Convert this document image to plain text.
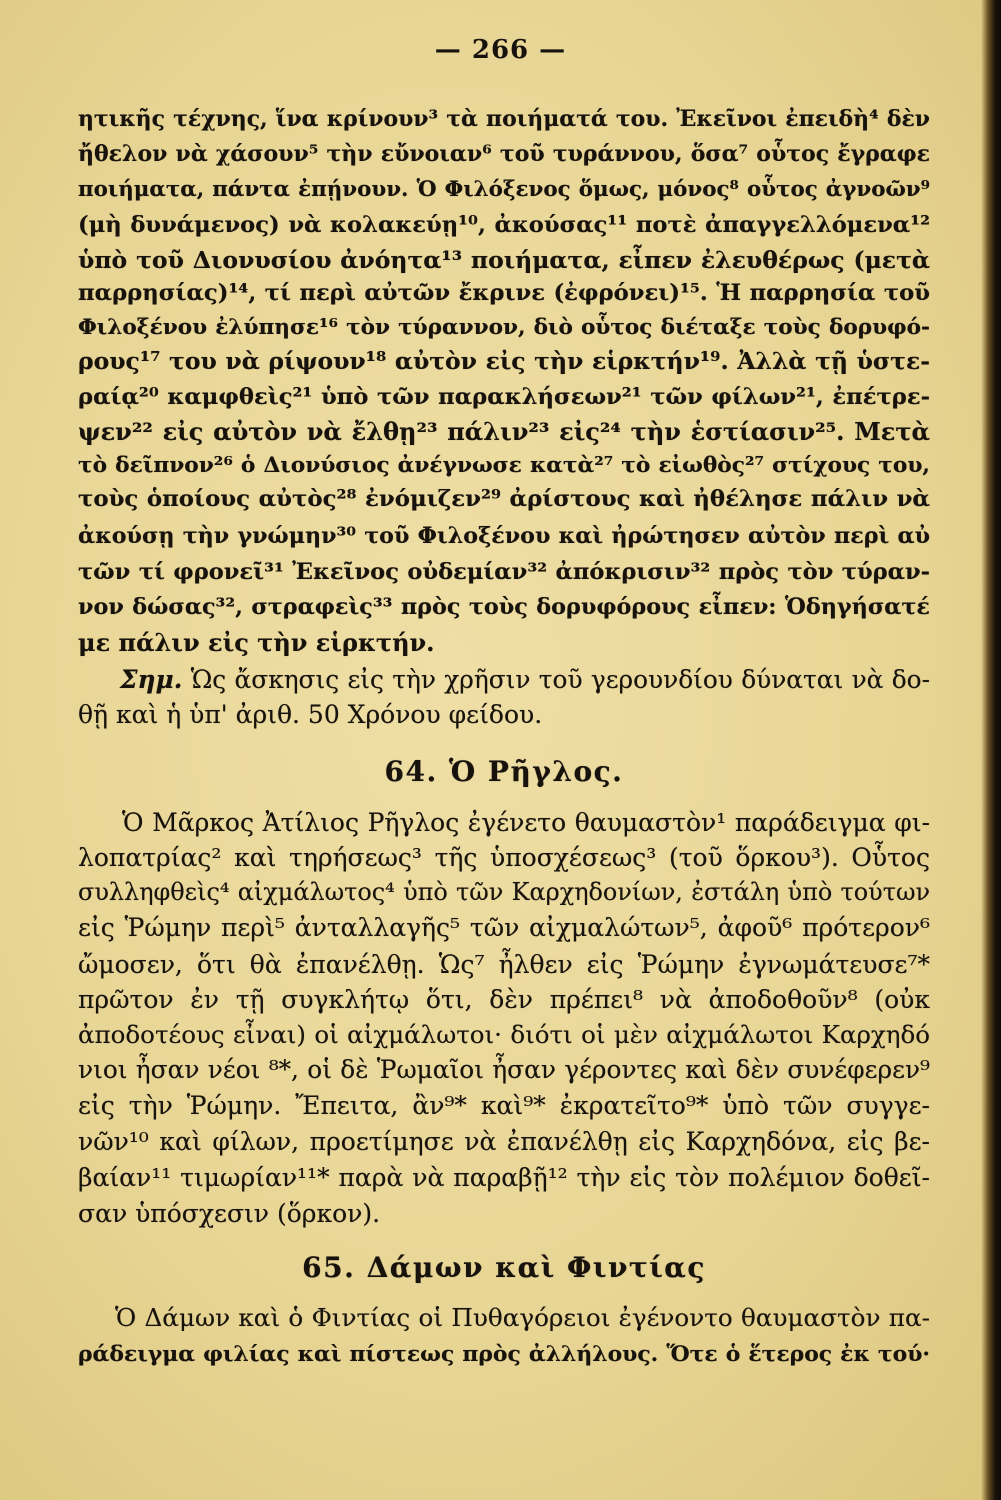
— 266 —
ητικῆς τέχνης, ἵνα κρίνουν³ τὰ ποιήματά του. Ἐκεῖνοι ἐπειδὴ⁴ δὲν
ἤθελον νὰ χάσουν⁵ τὴν εὔνοιαν⁶ τοῦ τυράννου, ὅσα⁷ οὗτος ἔγραφε
ποιήματα, πάντα ἐπῄνουν. Ὁ Φιλόξενος ὅμως, μόνος⁸ οὗτος ἀγνοῶν⁹
(μὴ δυνάμενος) νὰ κολακεύῃ¹⁰, ἀκούσας¹¹ ποτὲ ἀπαγγελλόμενα¹²
ὑπὸ τοῦ Διονυσίου ἀνόητα¹³ ποιήματα, εἶπεν ἐλευθέρως (μετὰ
παρρησίας)¹⁴, τί περὶ αὐτῶν ἔκρινε (ἐφρόνει)¹⁵. Ἡ παρρησία τοῦ
Φιλοξένου ἐλύπησε¹⁶ τὸν τύραννον, διὸ οὗτος διέταξε τοὺς δορυφό-
ρους¹⁷ του νὰ ρίψουν¹⁸ αὐτὸν εἰς τὴν εἱρκτήν¹⁹. Ἀλλὰ τῇ ὑστε-
ραίᾳ²⁰ καμφθεὶς²¹ ὑπὸ τῶν παρακλήσεων²¹ τῶν φίλων²¹, ἐπέτρε-
ψεν²² εἰς αὐτὸν νὰ ἔλθῃ²³ πάλιν²³ εἰς²⁴ τὴν ἑστίασιν²⁵. Μετὰ
τὸ δεῖπνον²⁶ ὁ Διονύσιος ἀνέγνωσε κατὰ²⁷ τὸ εἰωθὸς²⁷ στίχους του,
τοὺς ὁποίους αὐτὸς²⁸ ἐνόμιζεν²⁹ ἀρίστους καὶ ἠθέλησε πάλιν νὰ
ἀκούσῃ τὴν γνώμην³⁰ τοῦ Φιλοξένου καὶ ἠρώτησεν αὐτὸν περὶ αὐ
τῶν τί φρονεῖ³¹ Ἐκεῖνος οὐδεμίαν³² ἀπόκρισιν³² πρὸς τὸν τύραν-
νον δώσας³², στραφεὶς³³ πρὸς τοὺς δορυφόρους εἶπεν: Ὁδηγήσατέ
με πάλιν εἰς τὴν εἱρκτήν.
Σημ. Ὡς ἄσκησις εἰς τὴν χρῆσιν τοῦ γερουνδίου δύναται νὰ δο-
θῇ καὶ ἡ ὑπ' ἀριθ. 50 Χρόνου φείδου.
64. Ὁ Ρῆγλος.
Ὁ Μᾶρκος Ἀτίλιος Ρῆγλος ἐγένετο θαυμαστὸν¹ παράδειγμα φι-
λοπατρίας² καὶ τηρήσεως³ τῆς ὑποσχέσεως³ (τοῦ ὅρκου³). Οὗτος
συλληφθεὶς⁴ αἰχμάλωτος⁴ ὑπὸ τῶν Καρχηδονίων, ἐστάλη ὑπὸ τούτων
εἰς Ῥώμην περὶ⁵ ἀνταλλαγῆς⁵ τῶν αἰχμαλώτων⁵, ἀφοῦ⁶ πρότερον⁶
ὤμοσεν, ὅτι θὰ ἐπανέλθῃ. Ὡς⁷ ἦλθεν εἰς Ῥώμην ἐγνωμάτευσε⁷*
πρῶτον ἐν τῇ συγκλήτῳ ὅτι, δὲν πρέπει⁸ νὰ ἀποδοθοῦν⁸ (οὐκ
ἀποδοτέους εἶναι) οἱ αἰχμάλωτοι· διότι οἱ μὲν αἰχμάλωτοι Καρχηδό
νιοι ἦσαν νέοι ⁸*, οἱ δὲ Ῥωμαῖοι ἦσαν γέροντες καὶ δὲν συνέφερεν⁹
εἰς τὴν Ῥώμην. Ἔπειτα, ἂν⁹* καὶ⁹* ἐκρατεῖτο⁹* ὑπὸ τῶν συγγε-
νῶν¹⁰ καὶ φίλων, προετίμησε νὰ ἐπανέλθῃ εἰς Καρχηδόνα, εἰς βε-
βαίαν¹¹ τιμωρίαν¹¹* παρὰ νὰ παραβῇ¹² τὴν εἰς τὸν πολέμιον δοθεῖ-
σαν ὑπόσχεσιν (ὅρκον).
65. Δάμων καὶ Φιντίας
Ὁ Δάμων καὶ ὁ Φιντίας οἱ Πυθαγόρειοι ἐγένοντο θαυμαστὸν πα-
ράδειγμα φιλίας καὶ πίστεως πρὸς ἀλλήλους. Ὅτε ὁ ἕτερος ἐκ τού·
